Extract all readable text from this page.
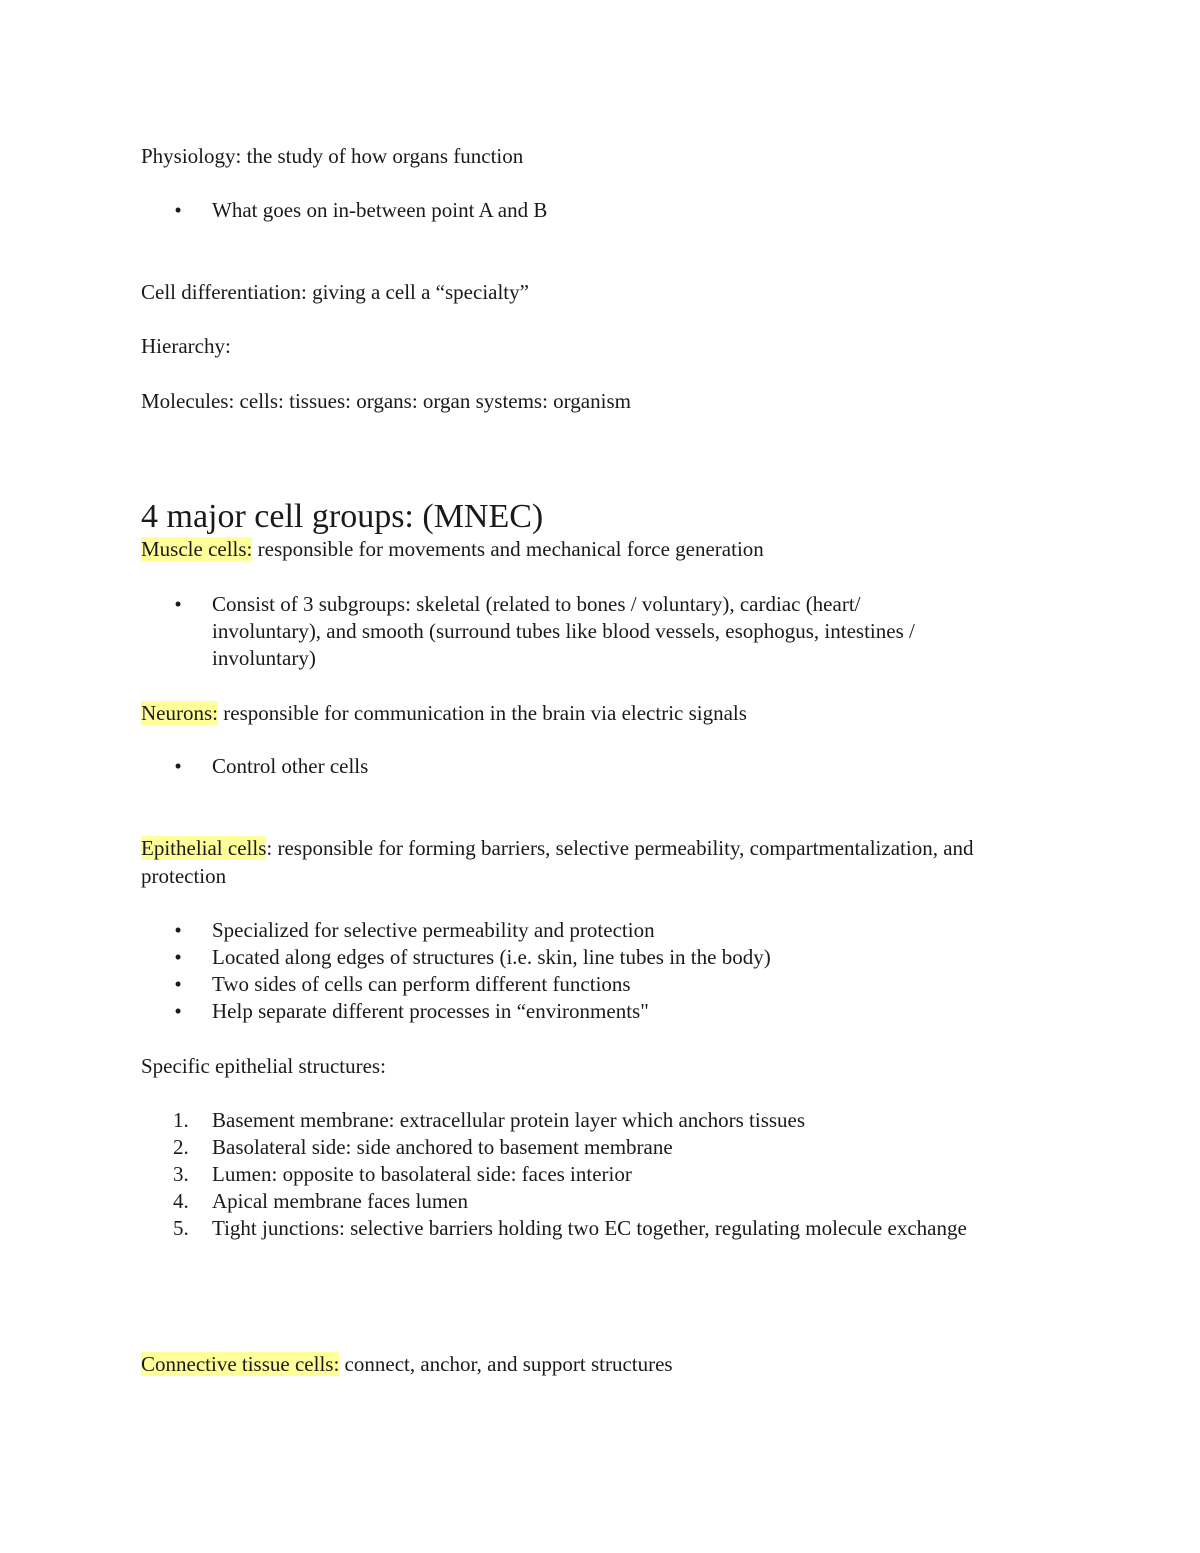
Physiology: the study of how organs function
• What goes on in-between point A and B
Cell differentiation: giving a cell a “specialty”
Hierarchy:
Molecules: cells: tissues: organs: organ systems: organism
4 major cell groups: (MNEC)
Muscle cells: responsible for movements and mechanical force generation
• Consist of 3 subgroups: skeletal (related to bones / voluntary), cardiac (heart/ involuntary), and smooth (surround tubes like blood vessels, esophogus, intestines / involuntary)
Neurons: responsible for communication in the brain via electric signals
• Control other cells
Epithelial cells: responsible for forming barriers, selective permeability, compartmentalization, and protection
• Specialized for selective permeability and protection
• Located along edges of structures (i.e. skin, line tubes in the body)
• Two sides of cells can perform different functions
• Help separate different processes in “environments"
Specific epithelial structures:
1. Basement membrane: extracellular protein layer which anchors tissues
2. Basolateral side: side anchored to basement membrane
3. Lumen: opposite to basolateral side: faces interior
4. Apical membrane faces lumen
5. Tight junctions: selective barriers holding two EC together, regulating molecule exchange
Connective tissue cells: connect, anchor, and support structures
